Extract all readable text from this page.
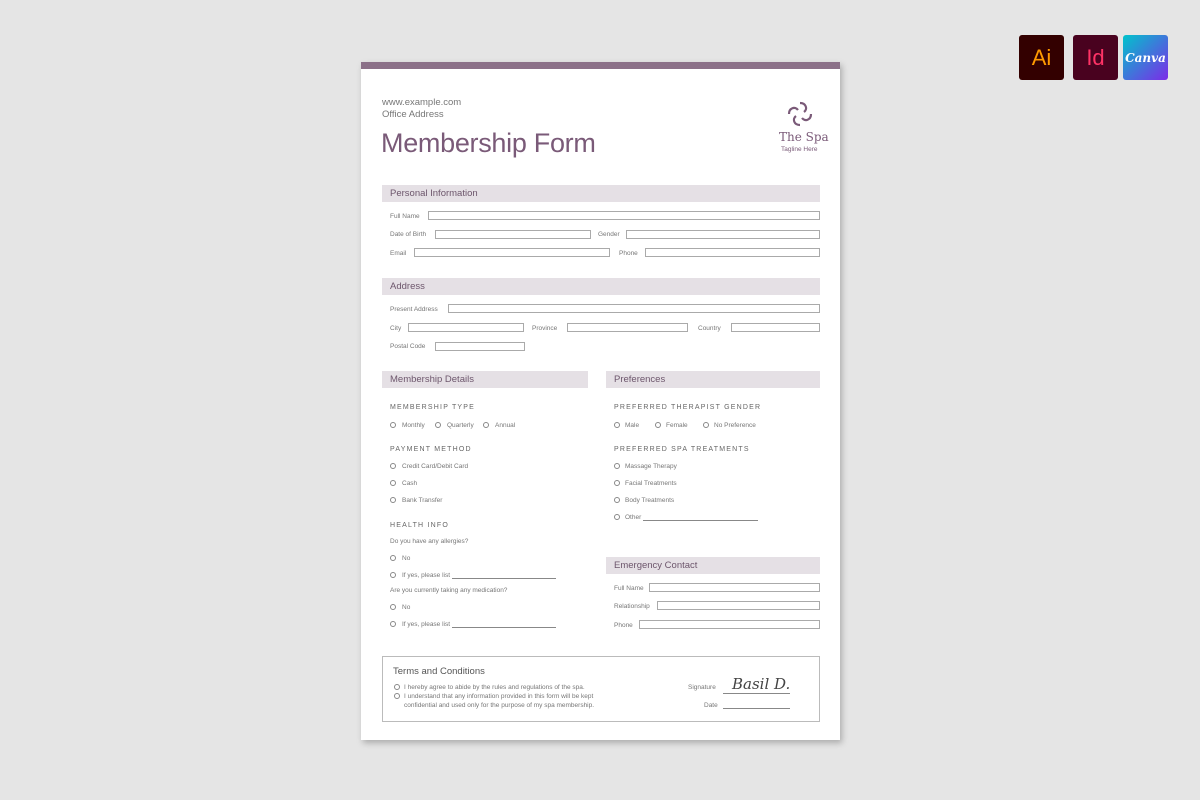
Ai	Id	Canva
www.example.com
Office Address
Membership Form	The Spa
Tagline Here
Personal Information
Full Name
Date of Birth	Gender
Email	Phone
Address
Present Address
City	Province	Country
Postal Code
Membership Details
MEMBERSHIP TYPE
Monthly	Quarterly	Annual
PAYMENT METHOD
Credit Card/Debit Card
Cash
Bank Transfer
HEALTH INFO
Do you have any allergies?
No
If yes, please list
Are you currently taking any medication?
No
If yes, please list
Preferences
PREFERRED THERAPIST GENDER
Male	Female	No Preference
PREFERRED SPA TREATMENTS
Massage Therapy
Facial Treatments
Body Treatments
Other
Emergency Contact
Full Name
Relationship
Phone
Terms and Conditions
I hereby agree to abide by the rules and regulations of the spa.
I understand that any information provided in this form will be kept
confidential and used only for the purpose of my spa membership.
Signature Basil D.
Date
